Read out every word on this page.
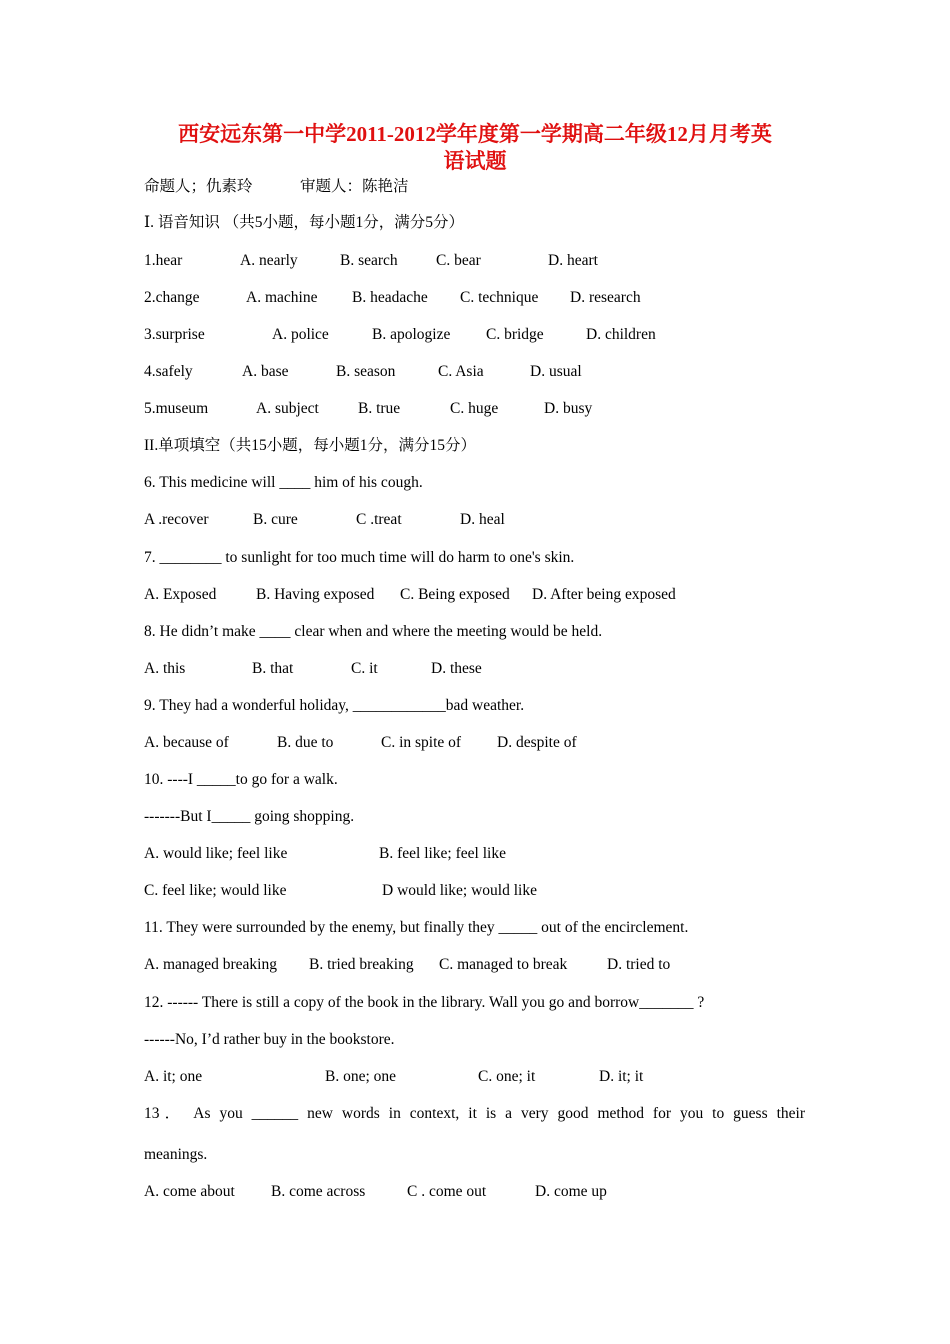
西安远东第一中学2011-2012学年度第一学期高二年级12月月考英
语试题
命题人；仇素玲	审题人：陈艳洁
Ⅰ. 语音知识 （共5小题，每小题1分，满分5分）
1.hear	A. nearly	B. search C. bear	D. heart
2.change	A. machine B. headache C. technique D. research
3.surprise	A. police	B. apologize C. bridge	D. children
4.safely	A. base	B. season	C. Asia	D. usual
5.museum	A. subject	B. true	C. huge	D. busy
II.单项填空（共15小题，每小题1分，满分15分）
6. This medicine will ____ him of his cough.
A .recover	B. cure	C .treat	D. heal
7. ________ to sunlight for too much time will do harm to one's skin.
A. Exposed	B. Having exposed C. Being exposed D. After being exposed
8. He didn’t make ____ clear when and where the meeting would be held.
A. this	B. that	C. it	D. these
9. They had a wonderful holiday, ____________bad weather.
A. because of	B. due to	C. in spite of D. despite of
10. ----I _____to go for a walk.
-------But I_____ going shopping.
A. would like; feel like	B. feel like; feel like
C. feel like; would like	D would like; would like
11. They were surrounded by the enemy, but finally they _____ out of the encirclement.
A. managed breaking B. tried breaking C. managed to break	D. tried to
12. ------ There is still a copy of the book in the library. Wall you go and borrow_______ ?
------No, I’d rather buy in the bookstore.
A. it; one	B. one; one	C. one; it	D. it; it
13． As you ______ new words in context, it is a very good method for you to guess their
meanings.
A. come about B. come across	C . come out	D. come up
